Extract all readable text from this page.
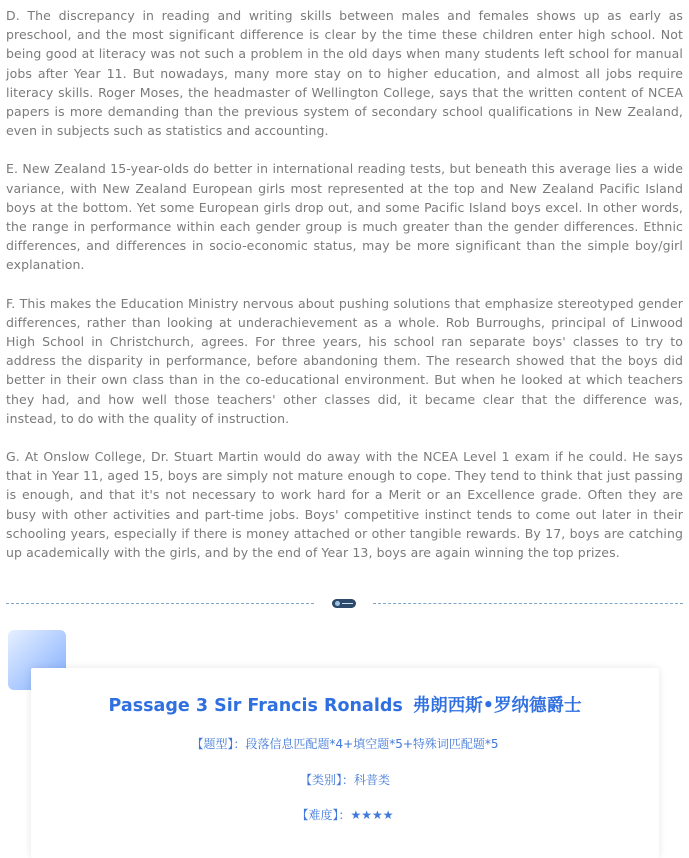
D. The discrepancy in reading and writing skills between males and females shows up as early as preschool, and the most significant difference is clear by the time these children enter high school. Not being good at literacy was not such a problem in the old days when many students left school for manual jobs after Year 11. But nowadays, many more stay on to higher education, and almost all jobs require literacy skills. Roger Moses, the headmaster of Wellington College, says that the written content of NCEA papers is more demanding than the previous system of secondary school qualifications in New Zealand, even in subjects such as statistics and accounting.

E. New Zealand 15-year-olds do better in international reading tests, but beneath this average lies a wide variance, with New Zealand European girls most represented at the top and New Zealand Pacific Island boys at the bottom. Yet some European girls drop out, and some Pacific Island boys excel. In other words, the range in performance within each gender group is much greater than the gender differences. Ethnic differences, and differences in socio-economic status, may be more significant than the simple boy/girl explanation.

F. This makes the Education Ministry nervous about pushing solutions that emphasize stereotyped gender differences, rather than looking at underachievement as a whole. Rob Burroughs, principal of Linwood High School in Christchurch, agrees. For three years, his school ran separate boys' classes to try to address the disparity in performance, before abandoning them. The research showed that the boys did better in their own class than in the co-educational environment. But when he looked at which teachers they had, and how well those teachers' other classes did, it became clear that the difference was, instead, to do with the quality of instruction.

G. At Onslow College, Dr. Stuart Martin would do away with the NCEA Level 1 exam if he could. He says that in Year 11, aged 15, boys are simply not mature enough to cope. They tend to think that just passing is enough, and that it's not necessary to work hard for a Merit or an Excellence grade. Often they are busy with other activities and part-time jobs. Boys' competitive instinct tends to come out later in their schooling years, especially if there is money attached or other tangible rewards. By 17, boys are catching up academically with the girls, and by the end of Year 13, boys are again winning the top prizes.

Passage 3 Sir Francis Ronalds 弗朗西斯•罗纳德爵士
【题型】：段落信息匹配题*4+填空题*5+特殊词匹配题*5
【类别】：科普类
【难度】：★★★★
